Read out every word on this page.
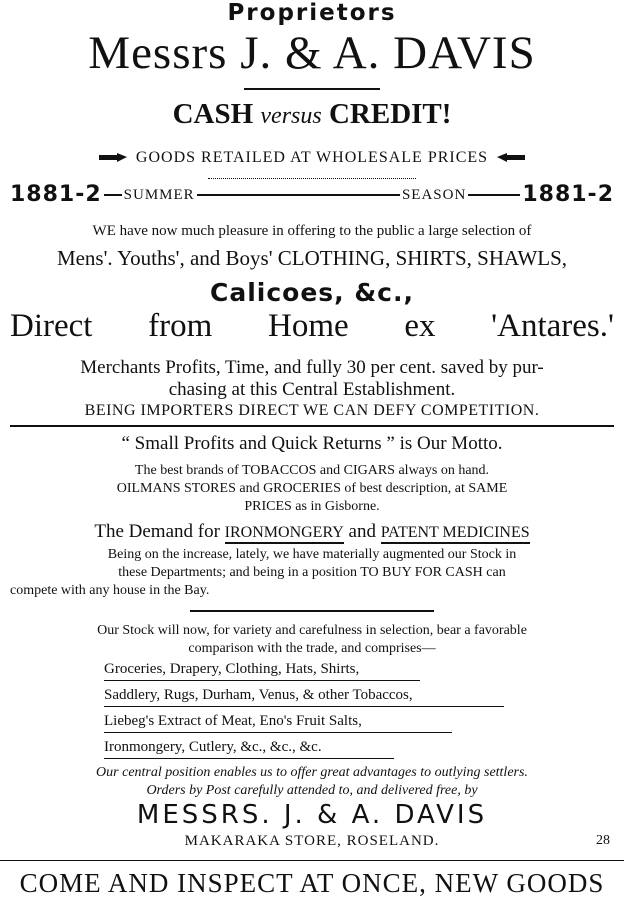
Proprietors
Messrs J. & A. DAVIS
CASH versus CREDIT!
GOODS RETAILED AT WHOLESALE PRICES
1881-2 SUMMER	SEASON	1881-2
WE have now much pleasure in offering to the public a large selection of
Mens'. Youths', and Boys' CLOTHING, SHIRTS, SHAWLS,
Calicoes, &c.,
Direct from Home ex 'Antares.'
Merchants Profits, Time, and fully 30 per cent. saved by pur-
chasing at this Central Establishment.
BEING IMPORTERS DIRECT WE CAN DEFY COMPETITION.
“ Small Profits and Quick Returns ” is Our Motto.
The best brands of TOBACCOS and CIGARS always on hand.
OILMANS STORES and GROCERIES of best description, at SAME
PRICES as in Gisborne.
The Demand for IRONMONGERY and PATENT MEDICINES
Being on the increase, lately, we have materially augmented our Stock in
these Departments; and being in a position TO BUY FOR CASH can
compete with any house in the Bay.
Our Stock will now, for variety and carefulness in selection, bear a favorable
comparison with the trade, and comprises—
Groceries, Drapery, Clothing, Hats, Shirts,
Saddlery, Rugs, Durham, Venus, & other Tobaccos,
Liebeg's Extract of Meat, Eno's Fruit Salts,
Ironmongery, Cutlery, &c., &c., &c.
Our central position enables us to offer great advantages to outlying settlers.
Orders by Post carefully attended to, and delivered free, by
MESSRS. J. & A. DAVIS
MAKARAKA STORE, ROSELAND.	28
COME AND INSPECT AT ONCE, NEW GOODS
